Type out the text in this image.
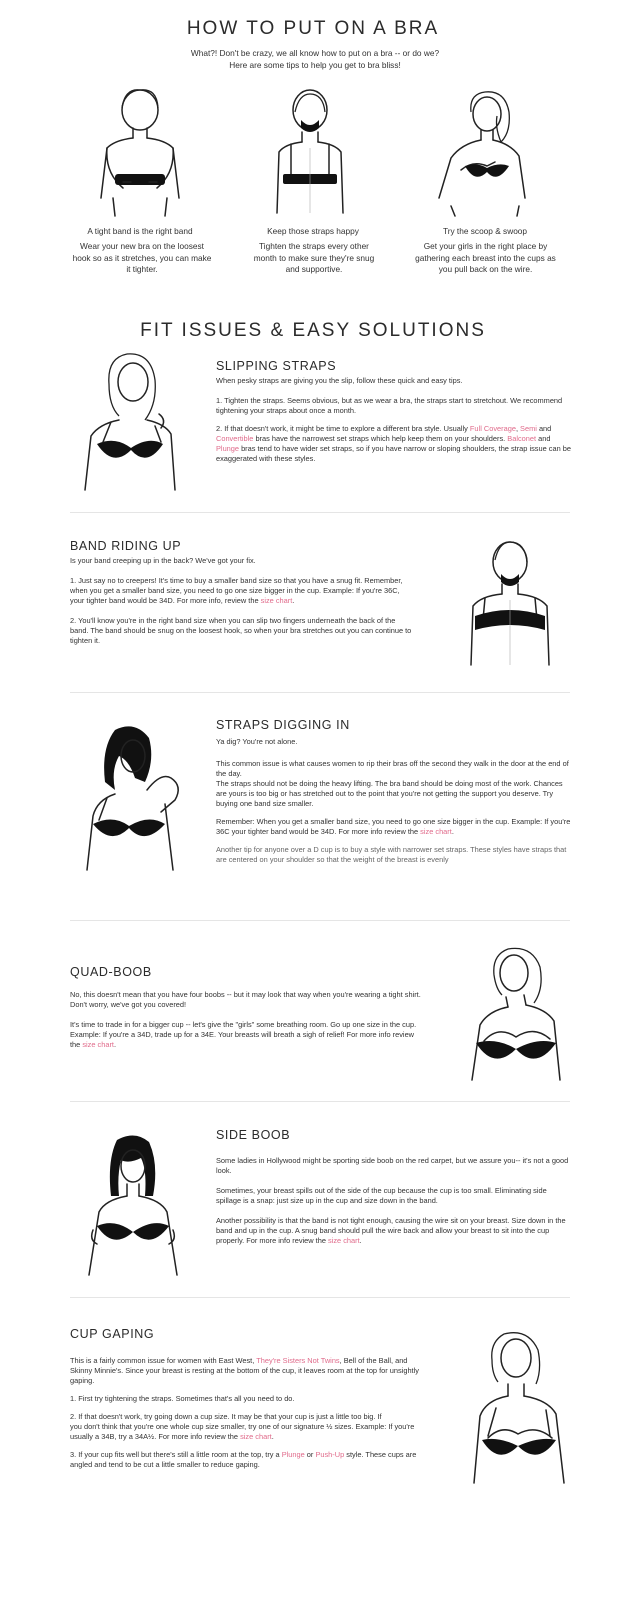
HOW TO PUT ON A BRA
What?! Don't be crazy, we all know how to put on a bra -- or do we? Here are some tips to help you get to bra bliss!
A tight band is the right band
Wear your new bra on the loosest hook so as it stretches, you can make it tighter.
Keep those straps happy
Tighten the straps every other month to make sure they're snug and supportive.
Try the scoop & swoop
Get your girls in the right place by gathering each breast into the cups as you pull back on the wire.
FIT ISSUES & EASY SOLUTIONS
SLIPPING STRAPS

When pesky straps are giving you the slip, follow these quick and easy tips.

1. Tighten the straps. Seems obvious, but as we wear a bra, the straps start to stretchout. We recommend tightening your straps about once a month.

2. If that doesn't work, it might be time to explore a different bra style. Usually Full Coverage, Semi and Convertible bras have the narrowest set straps which help keep them on your shoulders. Balconet and Plunge bras tend to have wider set straps, so if you have narrow or sloping shoulders, the strap issue can be exaggerated with these styles.

BAND RIDING UP

Is your band creeping up in the back? We've got your fix.

1. Just say no to creepers! It's time to buy a smaller band size so that you have a snug fit. Remember, when you get a smaller band size, you need to go one size bigger in the cup. Example: If you're 36C, your tighter band would be 34D. For more info, review the size chart.

2. You'll know you're in the right band size when you can slip two fingers underneath the back of the band. The band should be snug on the loosest hook, so when your bra stretches out you can continue to tighten it.

STRAPS DIGGING IN

Ya dig? You're not alone.

This common issue is what causes women to rip their bras off the second they walk in the door at the end of the day.

The straps should not be doing the heavy lifting. The bra band should be doing most of the work. Chances are yours is too big or has stretched out to the point that you're not getting the support you deserve. Try buying one band size smaller.

Remember: When you get a smaller band size, you need to go one size bigger in the cup. Example: If you're 36C your tighter band would be 34D. For more info review the size chart.

Another tip for anyone over a D cup is to buy a style with narrower set straps. These styles have straps that are centered on your shoulder so that the weight of the breast is evenly

QUAD-BOOB

No, this doesn't mean that you have four boobs -- but it may look that way when you're wearing a tight shirt. Don't worry, we've got you covered!

It's time to trade in for a bigger cup -- let's give the "girls" some breathing room. Go up one size in the cup. Example: If you're a 34D, trade up for a 34E. Your breasts will breath a sigh of relief! For more info review the size chart.

SIDE BOOB

Some ladies in Hollywood might be sporting side boob on the red carpet, but we assure you-- it's not a good look.

Sometimes, your breast spills out of the side of the cup because the cup is too small. Eliminating side spillage is a snap: just size up in the cup and size down in the band.

Another possibility is that the band is not tight enough, causing the wire sit on your breast. Size down in the band and up in the cup. A snug band should pull the wire back and allow your breast to sit into the cup properly. For more info review the size chart.

CUP GAPING

This is a fairly common issue for women with East West, They're Sisters Not Twins, Bell of the Ball, and Skinny Minnie's. Since your breast is resting at the bottom of the cup, it leaves room at the top for unsightly gaping.

1. First try tightening the straps. Sometimes that's all you need to do.

2. If that doesn't work, try going down a cup size. It may be that your cup is just a little too big. If

you don't think that you're one whole cup size smaller, try one of our signature ½ sizes. Example: If you're usually a 34B, try a 34A½. For more info review the size chart.

3. If your cup fits well but there's still a little room at the top, try a Plunge or Push-Up style. These cups are angled and tend to be cut a little smaller to reduce gaping.
